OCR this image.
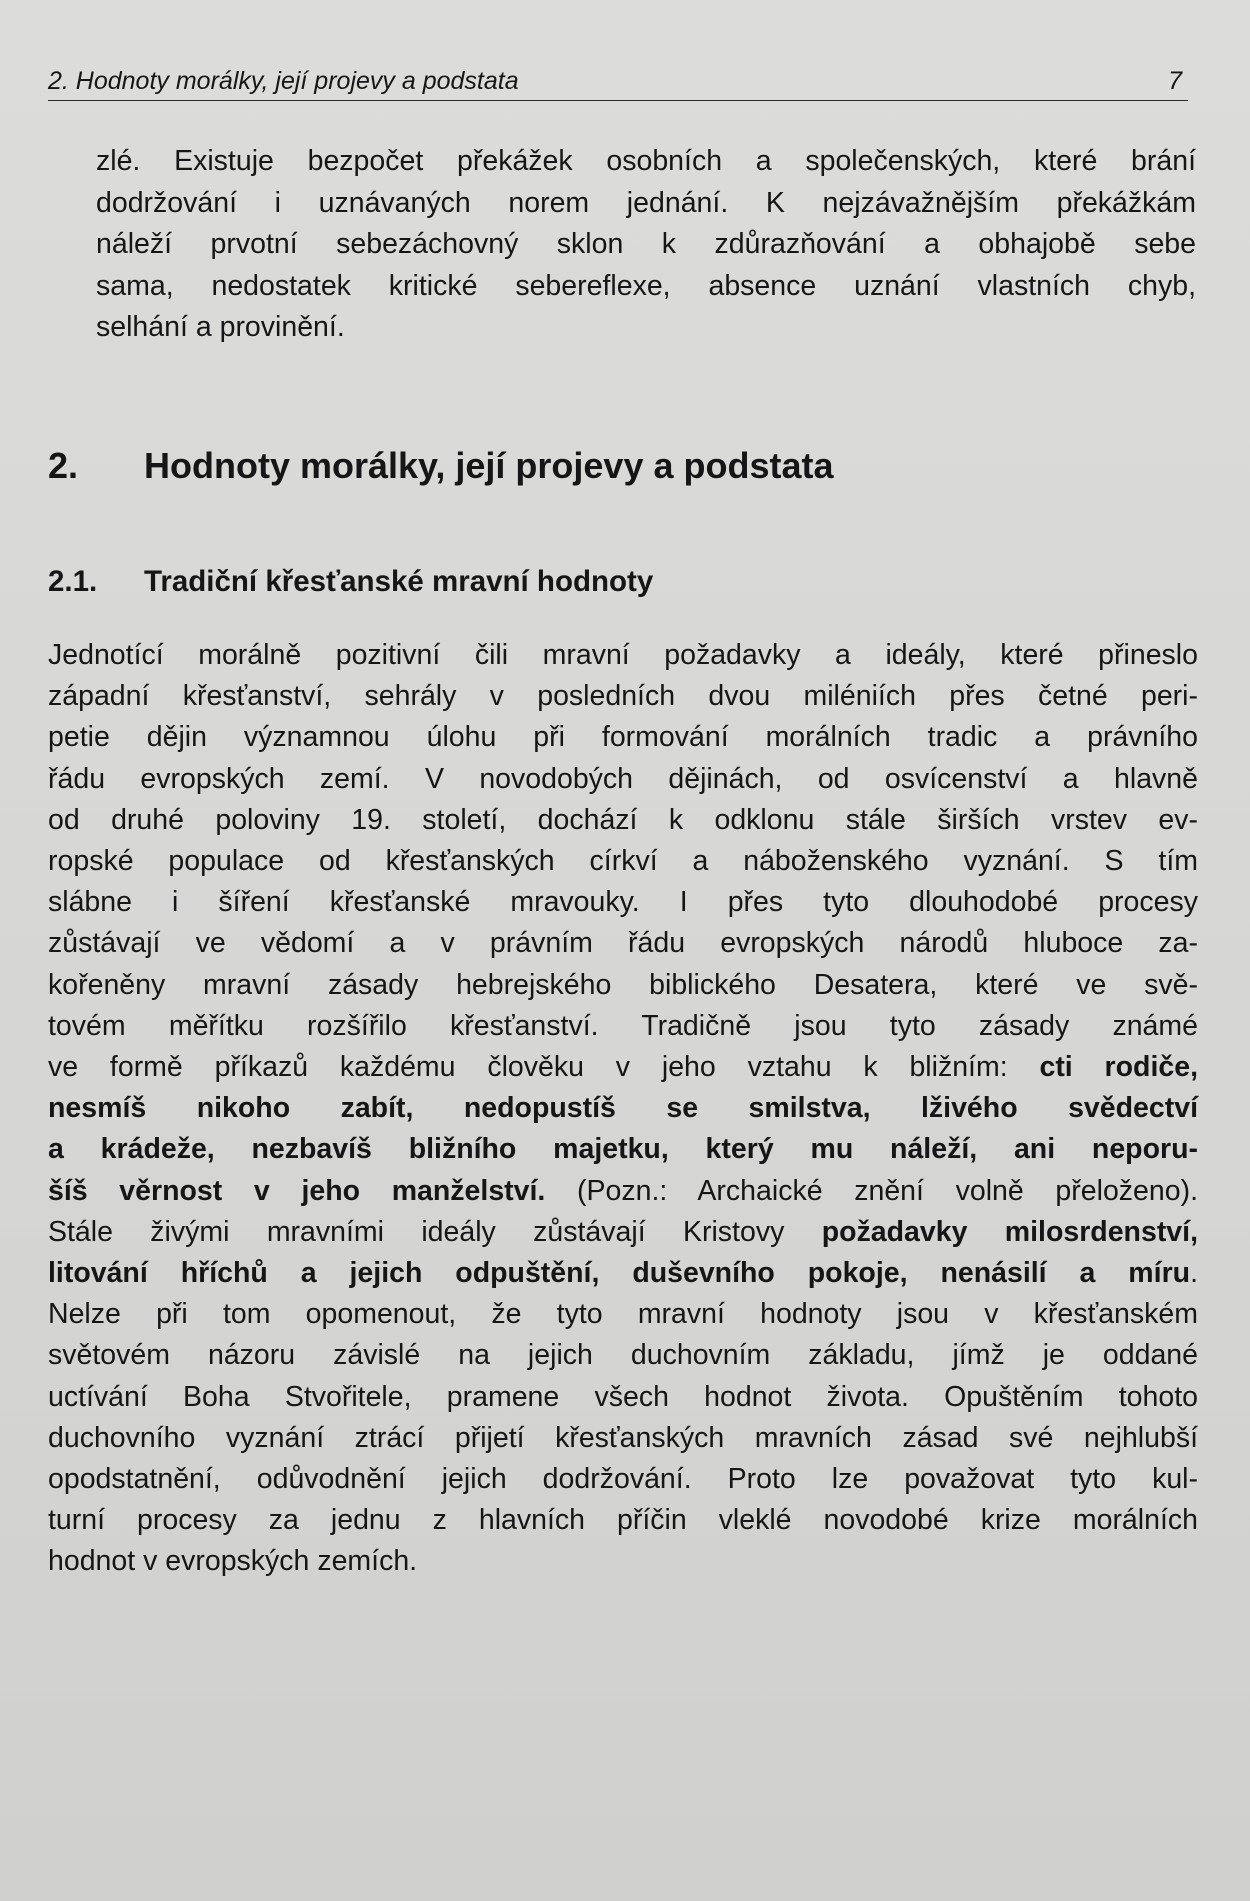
2. Hodnoty morálky, její projevy a podstata	7
zlé. Existuje bezpočet překážek osobních a společenských, které brání
dodržování i uznávaných norem jednání. K nejzávažnějším překážkám
náleží prvotní sebezáchovný sklon k zdůrazňování a obhajobě sebe
sama, nedostatek kritické sebereflexe, absence uznání vlastních chyb,
selhání a provinění.
2. Hodnoty morálky, její projevy a podstata
2.1. Tradiční křesťanské mravní hodnoty
Jednotící morálně pozitivní čili mravní požadavky a ideály, které přineslo
západní křesťanství, sehrály v posledních dvou miléniích přes četné peri-
petie dějin významnou úlohu při formování morálních tradic a právního
řádu evropských zemí. V novodobých dějinách, od osvícenství a hlavně
od druhé poloviny 19. století, dochází k odklonu stále širších vrstev ev-
ropské populace od křesťanských církví a náboženského vyznání. S tím
slábne i šíření křesťanské mravouky. I přes tyto dlouhodobé procesy
zůstávají ve vědomí a v právním řádu evropských národů hluboce za-
kořeněny mravní zásady hebrejského biblického Desatera, které ve svě-
tovém měřítku rozšířilo křesťanství. Tradičně jsou tyto zásady známé
ve formě příkazů každému člověku v jeho vztahu k bližním: cti rodiče,
nesmíš nikoho zabít, nedopustíš se smilstva, lživého svědectví
a krádeže, nezbavíš bližního majetku, který mu náleží, ani neporu-
šíš věrnost v jeho manželství. (Pozn.: Archaické znění volně přeloženo).
Stále živými mravními ideály zůstávají Kristovy požadavky milosrdenství,
litování hříchů a jejich odpuštění, duševního pokoje, nenásilí a míru.
Nelze při tom opomenout, že tyto mravní hodnoty jsou v křesťanském
světovém názoru závislé na jejich duchovním základu, jímž je oddané
uctívání Boha Stvořitele, pramene všech hodnot života. Opuštěním tohoto
duchovního vyznání ztrácí přijetí křesťanských mravních zásad své nejhlubší
opodstatnění, odůvodnění jejich dodržování. Proto lze považovat tyto kul-
turní procesy za jednu z hlavních příčin vleklé novodobé krize morálních
hodnot v evropských zemích.
